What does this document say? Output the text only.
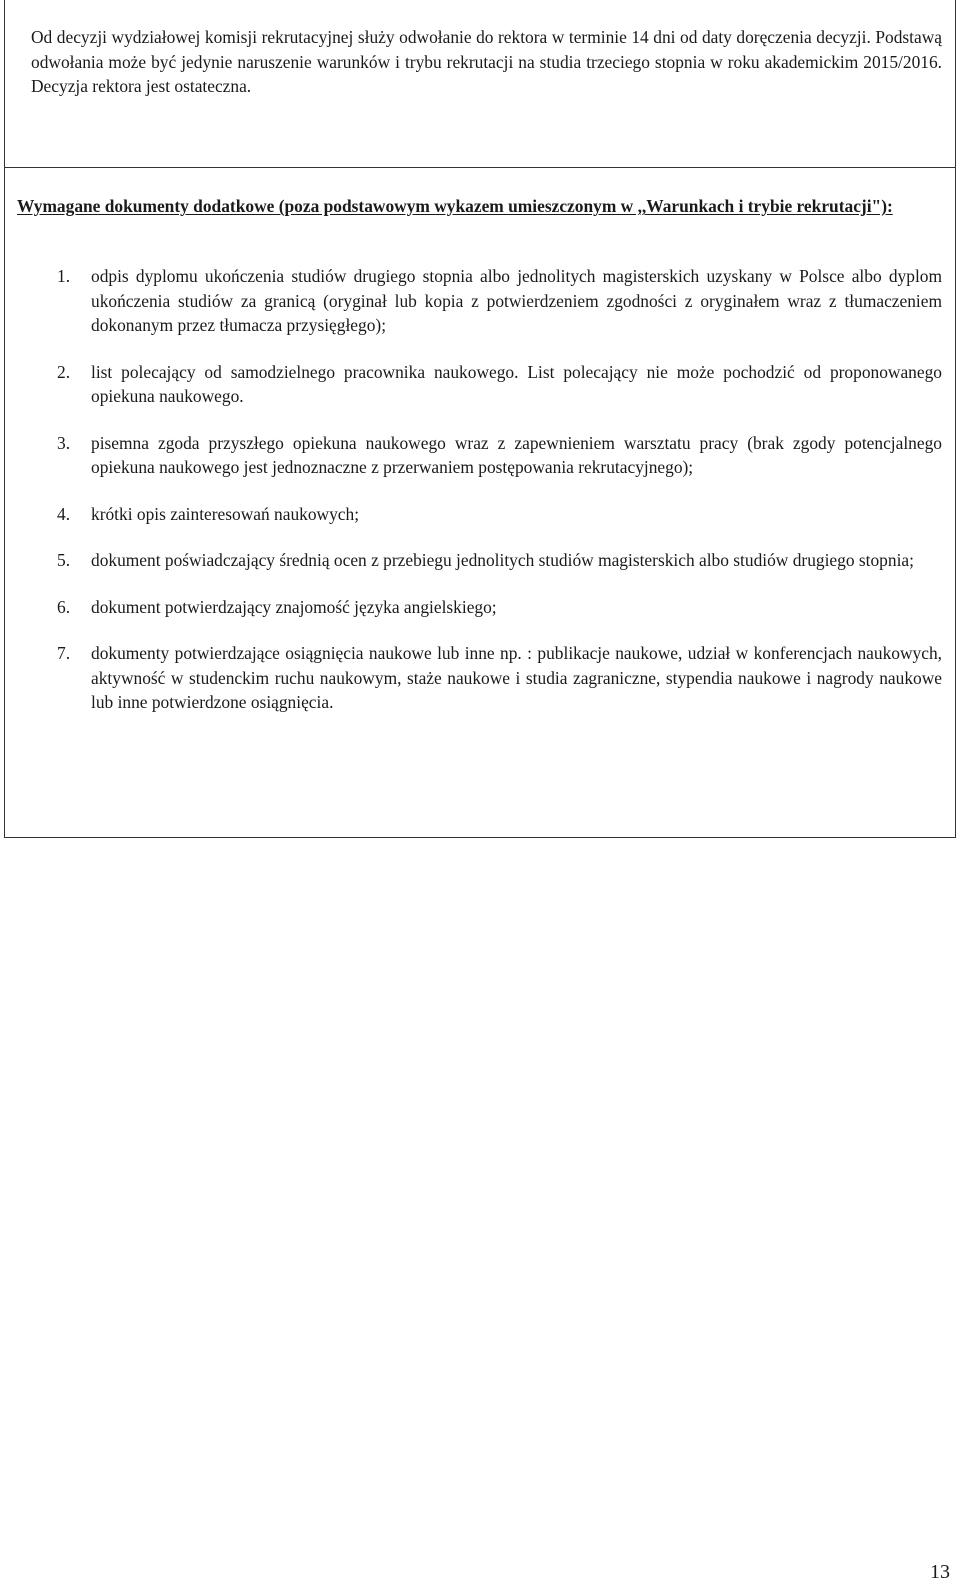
Od decyzji wydziałowej komisji rekrutacyjnej służy odwołanie do rektora w terminie 14 dni od daty doręczenia decyzji. Podstawą odwołania może być jedynie naruszenie warunków i trybu rekrutacji na studia trzeciego stopnia w roku akademickim 2015/2016. Decyzja rektora jest ostateczna.

Wymagane dokumenty dodatkowe (poza podstawowym wykazem umieszczonym w ,,Warunkach i trybie rekrutacji"):

1.	odpis dyplomu ukończenia studiów drugiego stopnia albo jednolitych magisterskich uzyskany w Polsce albo dyplom ukończenia studiów za granicą (oryginał lub kopia z potwierdzeniem zgodności z oryginałem wraz z tłumaczeniem dokonanym przez tłumacza przysięgłego);
2.	list polecający od samodzielnego pracownika naukowego. List polecający nie może pochodzić od proponowanego opiekuna naukowego.
3.	pisemna zgoda przyszłego opiekuna naukowego wraz z zapewnieniem warsztatu pracy (brak zgody potencjalnego opiekuna naukowego jest jednoznaczne z przerwaniem postępowania rekrutacyjnego);
4.	krótki opis zainteresowań naukowych;
5.	dokument poświadczający średnią ocen z przebiegu jednolitych studiów magisterskich albo studiów drugiego stopnia;
6.	dokument potwierdzający znajomość języka angielskiego;
7.	dokumenty potwierdzające osiągnięcia naukowe lub inne np. : publikacje naukowe, udział w konferencjach naukowych, aktywność w studenckim ruchu naukowym, staże naukowe i studia zagraniczne, stypendia naukowe i nagrody naukowe lub inne potwierdzone osiągnięcia.
13
